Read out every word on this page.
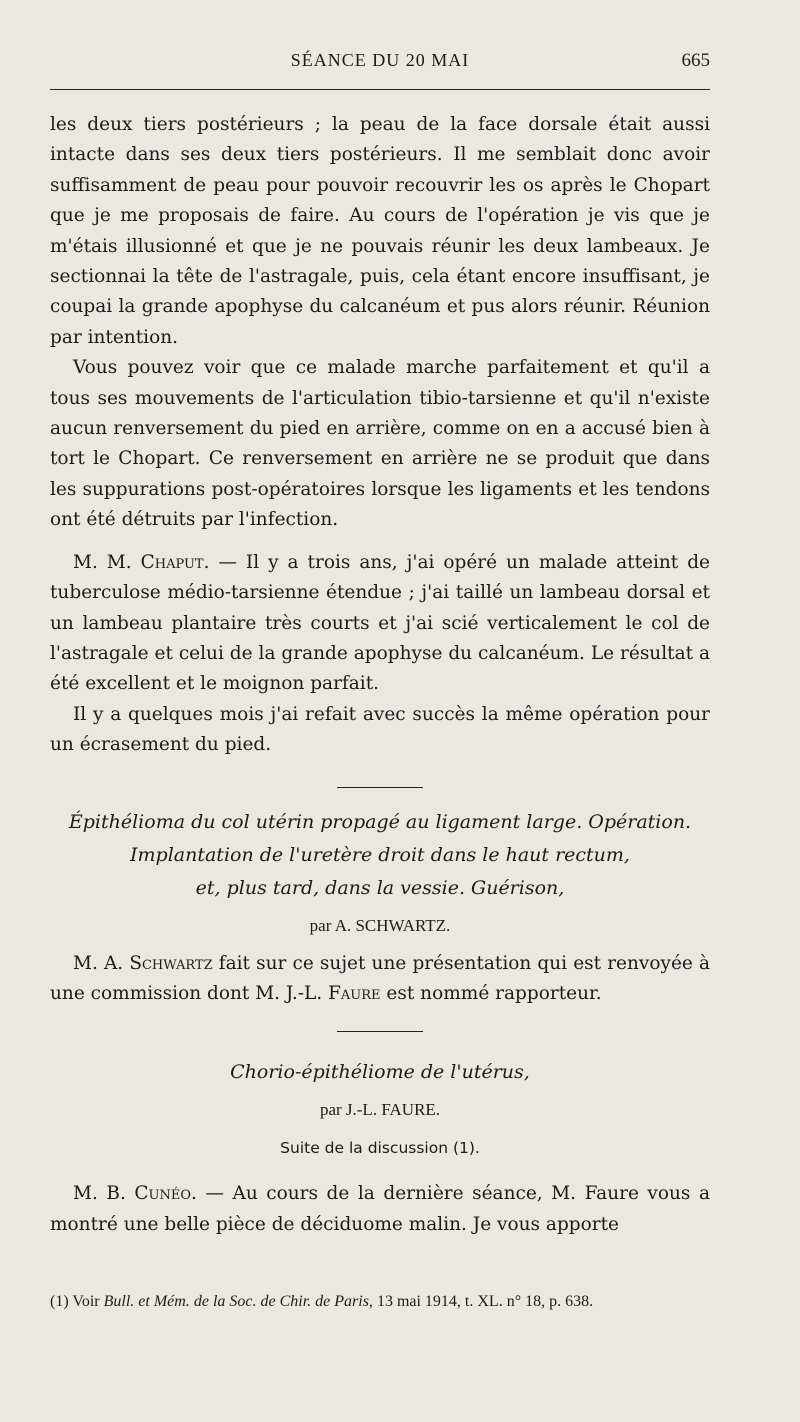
SÉANCE DU 20 MAI	665

les deux tiers postérieurs ; la peau de la face dorsale était aussi intacte dans ses deux tiers postérieurs. Il me semblait donc avoir suffisamment de peau pour pouvoir recouvrir les os après le Chopart que je me proposais de faire. Au cours de l'opération je vis que je m'étais illusionné et que je ne pouvais réunir les deux lambeaux. Je sectionnai la tête de l'astragale, puis, cela étant encore insuffisant, je coupai la grande apophyse du calcanéum et pus alors réunir. Réunion par intention.

Vous pouvez voir que ce malade marche parfaitement et qu'il a tous ses mouvements de l'articulation tibio-tarsienne et qu'il n'existe aucun renversement du pied en arrière, comme on en a accusé bien à tort le Chopart. Ce renversement en arrière ne se produit que dans les suppurations post-opératoires lorsque les ligaments et les tendons ont été détruits par l'infection.

M. M. Chaput. — Il y a trois ans, j'ai opéré un malade atteint de tuberculose médio-tarsienne étendue ; j'ai taillé un lambeau dorsal et un lambeau plantaire très courts et j'ai scié verticalement le col de l'astragale et celui de la grande apophyse du calcanéum. Le résultat a été excellent et le moignon parfait.

Il y a quelques mois j'ai refait avec succès la même opération pour un écrasement du pied.

Épithélioma du col utérin propagé au ligament large. Opération.
Implantation de l'uretère droit dans le haut rectum,
et, plus tard, dans la vessie. Guérison,
par A. SCHWARTZ.

M. A. Schwartz fait sur ce sujet une présentation qui est renvoyée à une commission dont M. J.-L. Faure est nommé rapporteur.

Chorio-épithéliome de l'utérus,
par J.-L. FAURE.
Suite de la discussion (1).

M. B. Cunéo. — Au cours de la dernière séance, M. Faure vous a montré une belle pièce de déciduome malin. Je vous apporte

(1) Voir Bull. et Mém. de la Soc. de Chir. de Paris, 13 mai 1914, t. XL. n° 18, p. 638.
